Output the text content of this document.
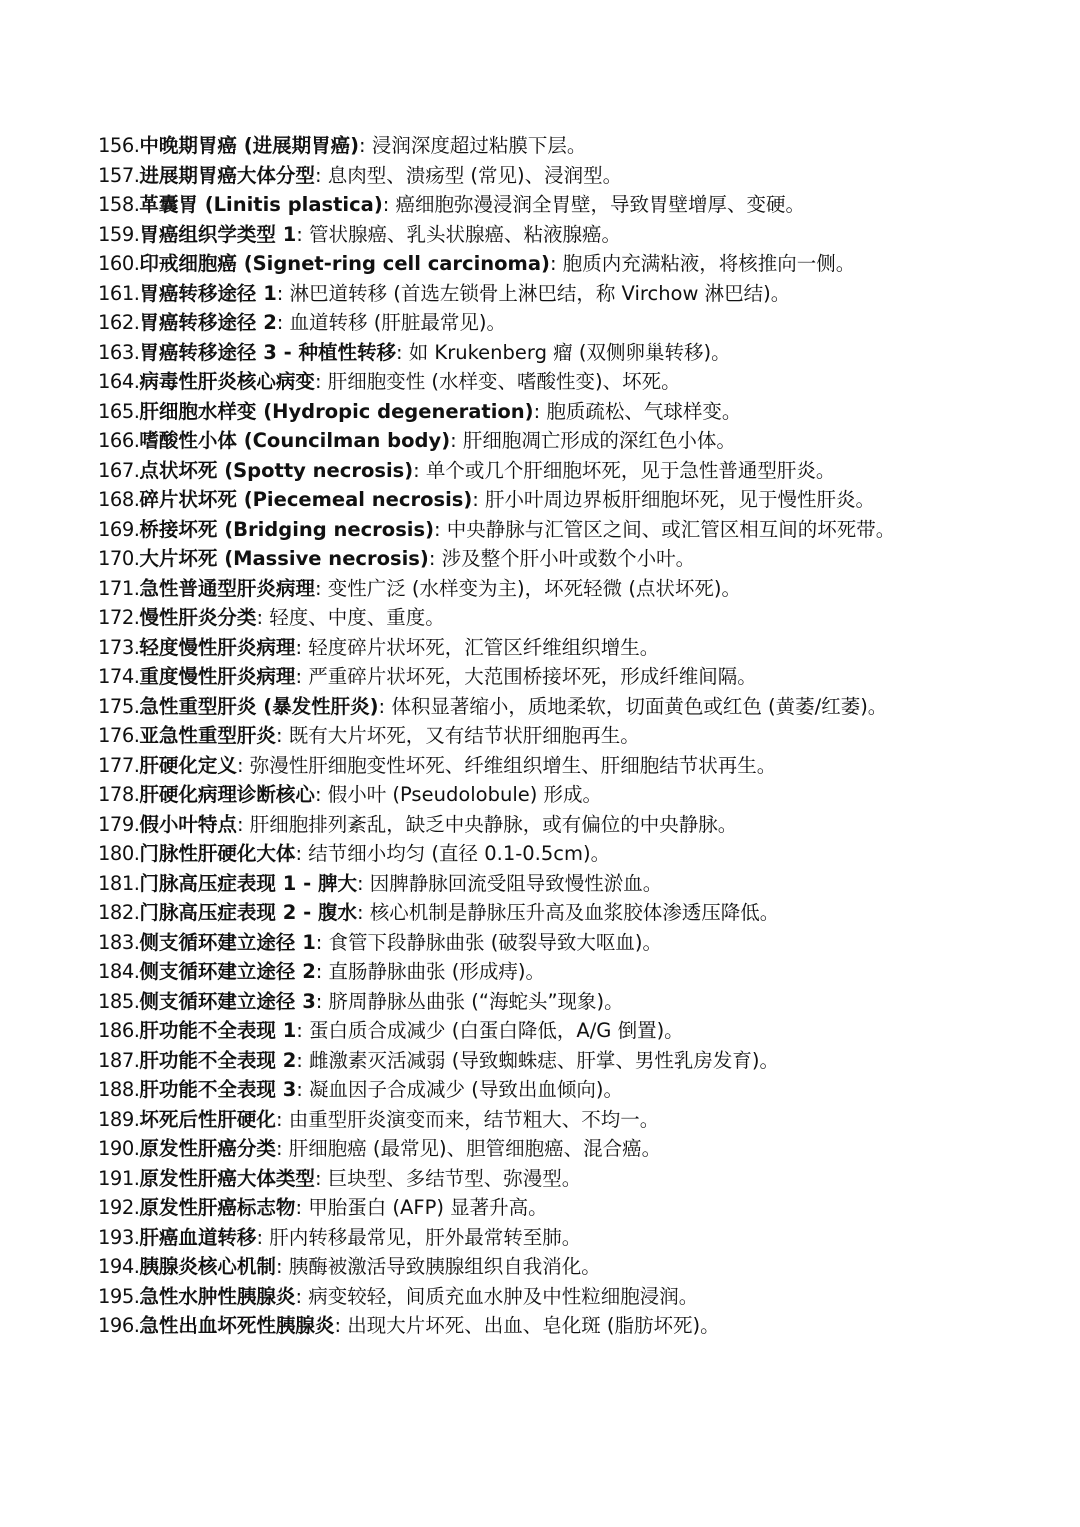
156.中晚期胃癌 (进展期胃癌): 浸润深度超过粘膜下层。

157.进展期胃癌大体分型: 息肉型、溃疡型 (常见)、浸润型。

158.革囊胃 (Linitis plastica): 癌细胞弥漫浸润全胃壁，导致胃壁增厚、变硬。

159.胃癌组织学类型 1: 管状腺癌、乳头状腺癌、粘液腺癌。

160.印戒细胞癌 (Signet-ring cell carcinoma): 胞质内充满粘液，将核推向一侧。

161.胃癌转移途径 1: 淋巴道转移 (首选左锁骨上淋巴结，称 Virchow 淋巴结)。

162.胃癌转移途径 2: 血道转移 (肝脏最常见)。

163.胃癌转移途径 3 - 种植性转移: 如 Krukenberg 瘤 (双侧卵巢转移)。

164.病毒性肝炎核心病变: 肝细胞变性 (水样变、嗜酸性变)、坏死。

165.肝细胞水样变 (Hydropic degeneration): 胞质疏松、气球样变。

166.嗜酸性小体 (Councilman body): 肝细胞凋亡形成的深红色小体。

167.点状坏死 (Spotty necrosis): 单个或几个肝细胞坏死，见于急性普通型肝炎。

168.碎片状坏死 (Piecemeal necrosis): 肝小叶周边界板肝细胞坏死，见于慢性肝炎。

169.桥接坏死 (Bridging necrosis): 中央静脉与汇管区之间、或汇管区相互间的坏死带。

170.大片坏死 (Massive necrosis): 涉及整个肝小叶或数个小叶。

171.急性普通型肝炎病理: 变性广泛 (水样变为主)，坏死轻微 (点状坏死)。

172.慢性肝炎分类: 轻度、中度、重度。

173.轻度慢性肝炎病理: 轻度碎片状坏死，汇管区纤维组织增生。

174.重度慢性肝炎病理: 严重碎片状坏死，大范围桥接坏死，形成纤维间隔。

175.急性重型肝炎 (暴发性肝炎): 体积显著缩小，质地柔软，切面黄色或红色 (黄萎/红萎)。

176.亚急性重型肝炎: 既有大片坏死，又有结节状肝细胞再生。

177.肝硬化定义: 弥漫性肝细胞变性坏死、纤维组织增生、肝细胞结节状再生。

178.肝硬化病理诊断核心: 假小叶 (Pseudolobule) 形成。

179.假小叶特点: 肝细胞排列紊乱，缺乏中央静脉，或有偏位的中央静脉。

180.门脉性肝硬化大体: 结节细小均匀 (直径 0.1-0.5cm)。

181.门脉高压症表现 1 - 脾大: 因脾静脉回流受阻导致慢性淤血。

182.门脉高压症表现 2 - 腹水: 核心机制是静脉压升高及血浆胶体渗透压降低。

183.侧支循环建立途径 1: 食管下段静脉曲张 (破裂导致大呕血)。

184.侧支循环建立途径 2: 直肠静脉曲张 (形成痔)。

185.侧支循环建立途径 3: 脐周静脉丛曲张 (“海蛇头”现象)。

186.肝功能不全表现 1: 蛋白质合成减少 (白蛋白降低，A/G 倒置)。

187.肝功能不全表现 2: 雌激素灭活减弱 (导致蜘蛛痣、肝掌、男性乳房发育)。

188.肝功能不全表现 3: 凝血因子合成减少 (导致出血倾向)。

189.坏死后性肝硬化: 由重型肝炎演变而来，结节粗大、不均一。

190.原发性肝癌分类: 肝细胞癌 (最常见)、胆管细胞癌、混合癌。

191.原发性肝癌大体类型: 巨块型、多结节型、弥漫型。

192.原发性肝癌标志物: 甲胎蛋白 (AFP) 显著升高。

193.肝癌血道转移: 肝内转移最常见，肝外最常转至肺。

194.胰腺炎核心机制: 胰酶被激活导致胰腺组织自我消化。

195.急性水肿性胰腺炎: 病变较轻，间质充血水肿及中性粒细胞浸润。

196.急性出血坏死性胰腺炎: 出现大片坏死、出血、皂化斑 (脂肪坏死)。
